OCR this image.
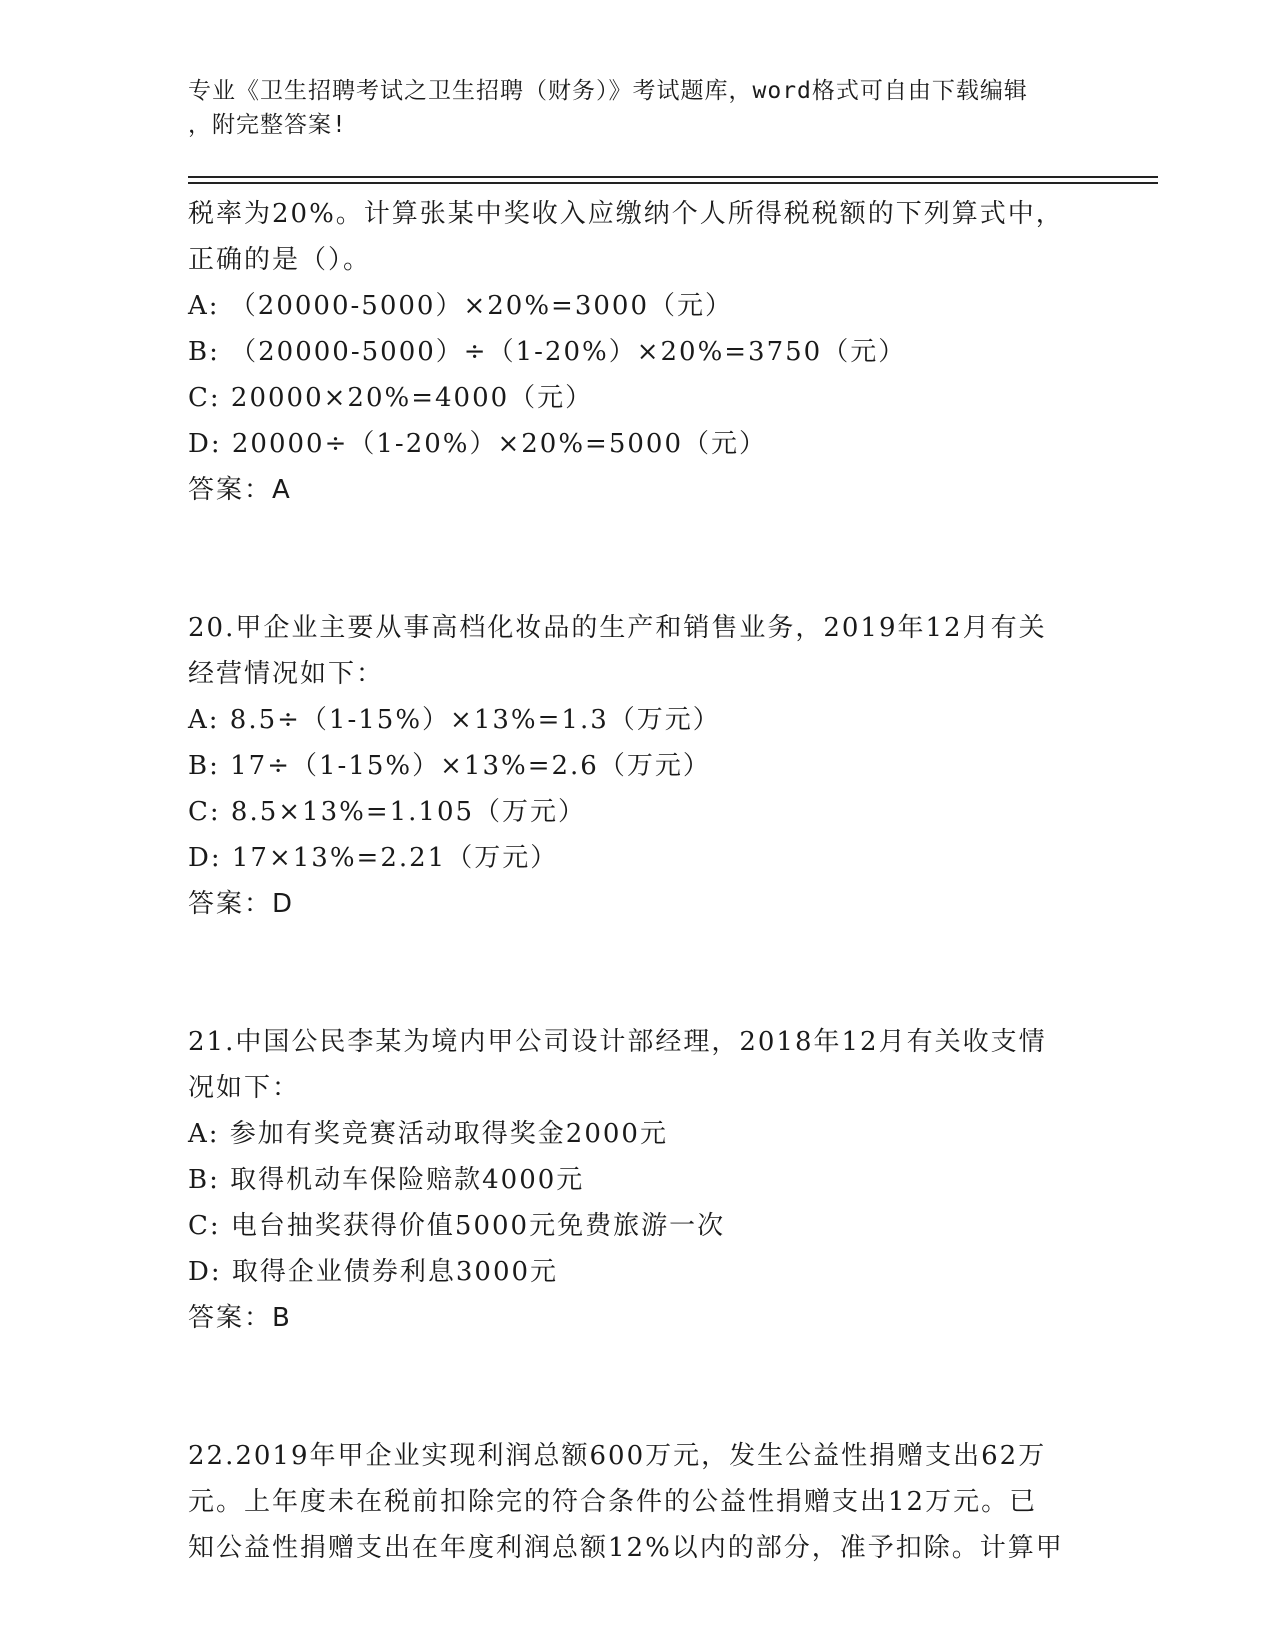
专业《卫生招聘考试之卫生招聘（财务）》考试题库，word格式可自由下载编辑
，附完整答案!
税率为20%。计算张某中奖收入应缴纳个人所得税税额的下列算式中，
正确的是（）。
A: （20000-5000）×20%=3000（元）
B: （20000-5000）÷（1-20%）×20%=3750（元）
C: 20000×20%=4000（元）
D: 20000÷（1-20%）×20%=5000（元）
答案：A
20.甲企业主要从事高档化妆品的生产和销售业务，2019年12月有关
经营情况如下：
A: 8.5÷（1-15%）×13%=1.3（万元）
B: 17÷（1-15%）×13%=2.6（万元）
C: 8.5×13%=1.105（万元）
D: 17×13%=2.21（万元）
答案：D
21.中国公民李某为境内甲公司设计部经理，2018年12月有关收支情
况如下：
A: 参加有奖竞赛活动取得奖金2000元
B: 取得机动车保险赔款4000元
C: 电台抽奖获得价值5000元免费旅游一次
D: 取得企业债券利息3000元
答案：B
22.2019年甲企业实现利润总额600万元，发生公益性捐赠支出62万
元。上年度未在税前扣除完的符合条件的公益性捐赠支出12万元。已
知公益性捐赠支出在年度利润总额12%以内的部分，准予扣除。计算甲
